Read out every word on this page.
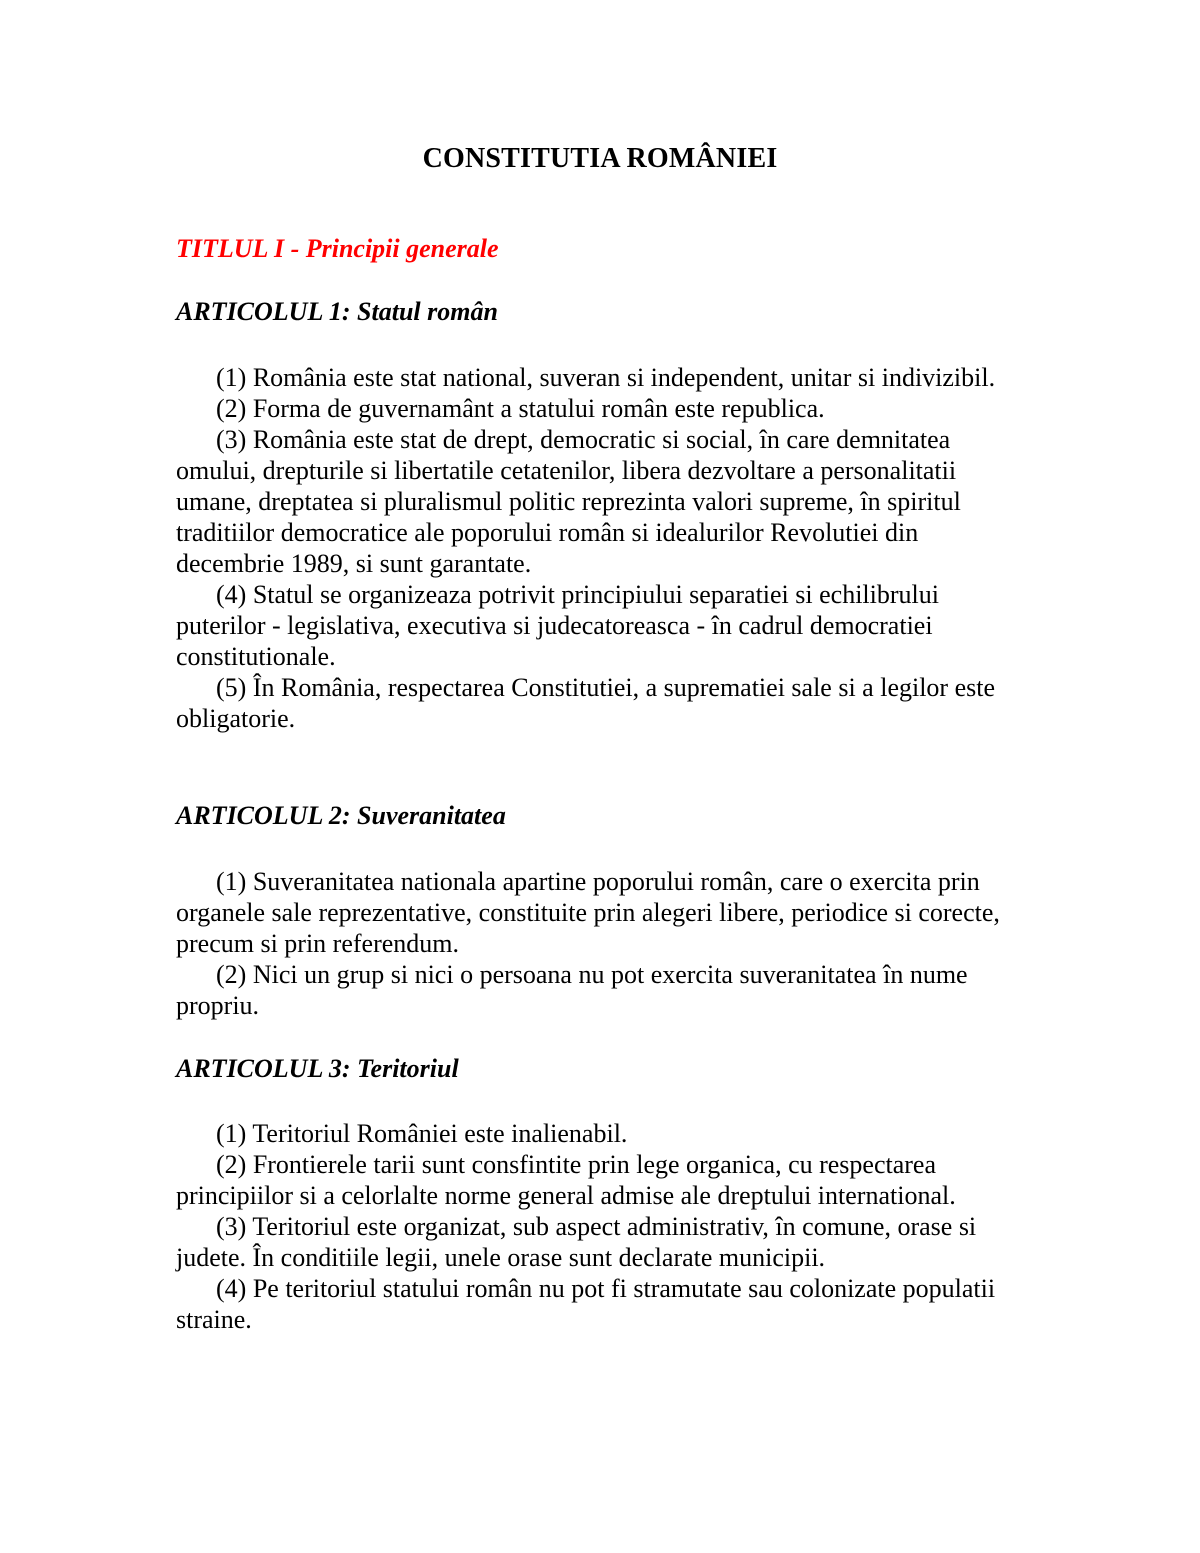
CONSTITUTIA ROMÂNIEI
TITLUL I - Principii generale
ARTICOLUL 1: Statul român

(1) România este stat national, suveran si independent, unitar si indivizibil.

(2) Forma de guvernamânt a statului român este republica.

(3) România este stat de drept, democratic si social, în care demnitatea omului, drepturile si libertatile cetatenilor, libera dezvoltare a personalitatii umane, dreptatea si pluralismul politic reprezinta valori supreme, în spiritul traditiilor democratice ale poporului român si idealurilor Revolutiei din decembrie 1989, si sunt garantate.

(4) Statul se organizeaza potrivit principiului separatiei si echilibrului puterilor - legislativa, executiva si judecatoreasca - în cadrul democratiei constitutionale.

(5) În România, respectarea Constitutiei, a suprematiei sale si a legilor este obligatorie.

ARTICOLUL 2: Suveranitatea

(1) Suveranitatea nationala apartine poporului român, care o exercita prin organele sale reprezentative, constituite prin alegeri libere, periodice si corecte, precum si prin referendum.

(2) Nici un grup si nici o persoana nu pot exercita suveranitatea în nume propriu.

ARTICOLUL 3: Teritoriul

(1) Teritoriul României este inalienabil.

(2) Frontierele tarii sunt consfintite prin lege organica, cu respectarea principiilor si a celorlalte norme general admise ale dreptului international.

(3) Teritoriul este organizat, sub aspect administrativ, în comune, orase si judete. În conditiile legii, unele orase sunt declarate municipii.

(4) Pe teritoriul statului român nu pot fi stramutate sau colonizate populatii straine.
